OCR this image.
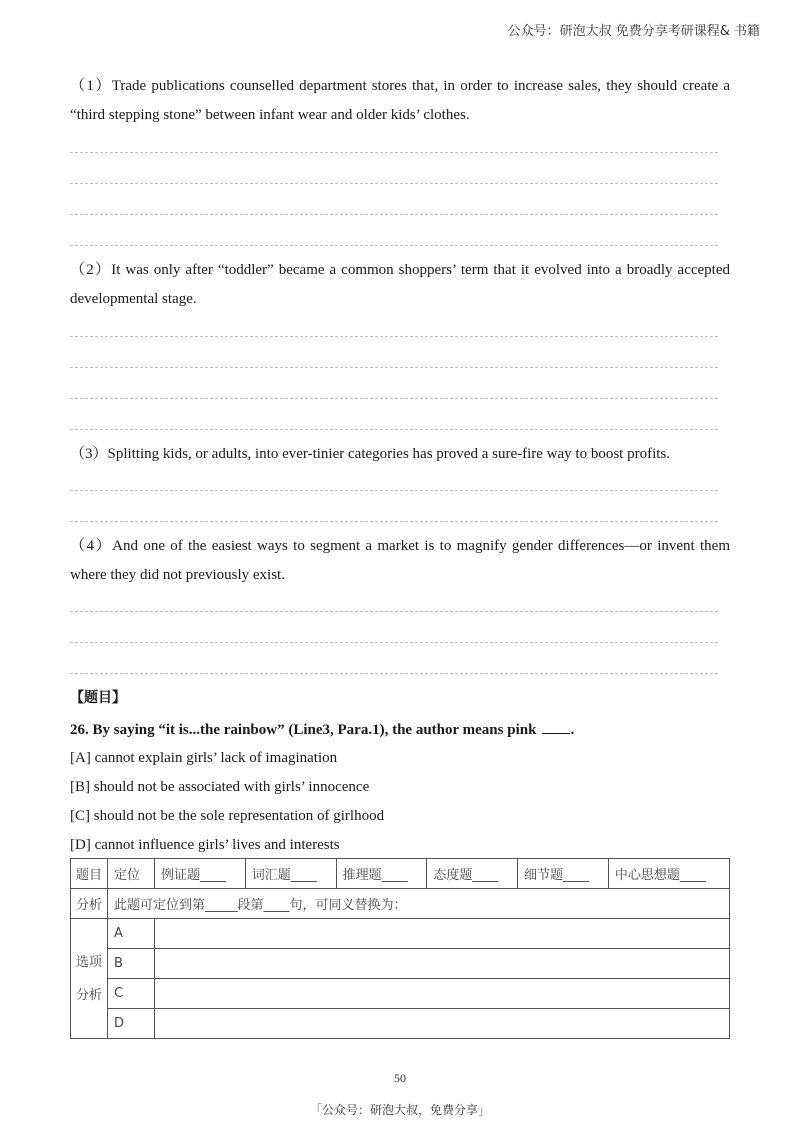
公众号：研泡大叔 免费分享考研课程& 书籍
（1）Trade publications counselled department stores that, in order to increase sales, they should create a “third stepping stone” between infant wear and older kids’ clothes.
（2）It was only after “toddler” became a common shoppers’ term that it evolved into a broadly accepted developmental stage.
（3）Splitting kids, or adults, into ever-tinier categories has proved a sure-fire way to boost profits.
（4）And one of the easiest ways to segment a market is to magnify gender differences—or invent them where they did not previously exist.
【题目】
26. By saying “it is...the rainbow” (Line3, Para.1), the author means pink .
[A] cannot explain girls’ lack of imagination
[B] should not be associated with girls’ innocence
[C] should not be the sole representation of girlhood
[D] cannot influence girls’ lives and interests
题目	定位	例证题____	词汇题____	推理题____	态度题____	细节题____	中心思想题____
分析	此题可定位到第_____段第____句，可同义替换为：						

选项
分析	A						
	B						
	C						
	D						
50
「公众号：研泡大叔，免费分享」
